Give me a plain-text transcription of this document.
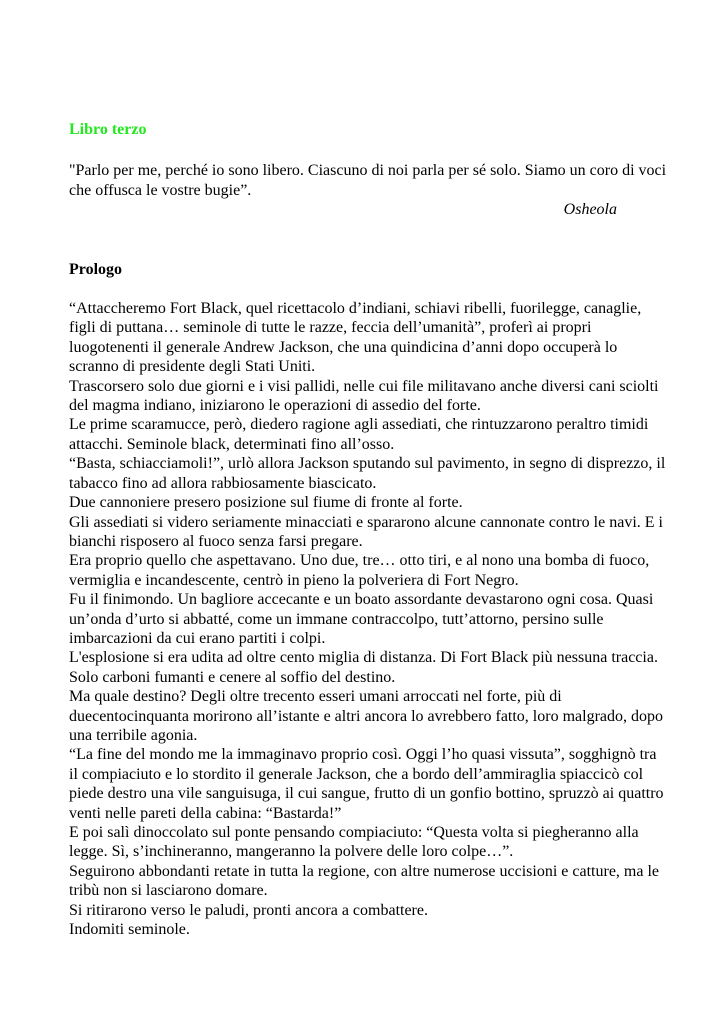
Libro terzo

"Parlo per me, perché io sono libero. Ciascuno di noi parla per sé solo. Siamo un coro di voci che offusca le vostre bugie”.

Osheola

Prologo

“Attaccheremo Fort Black, quel ricettacolo d’indiani, schiavi ribelli, fuorilegge, canaglie, figli di puttana… seminole di tutte le razze, feccia dell’umanità”, proferì ai propri luogotenenti il generale Andrew Jackson, che una quindicina d’anni dopo occuperà lo scranno di presidente degli Stati Uniti.

Trascorsero solo due giorni e i visi pallidi, nelle cui file militavano anche diversi cani sciolti del magma indiano, iniziarono le operazioni di assedio del forte.

Le prime scaramucce, però, diedero ragione agli assediati, che rintuzzarono peraltro timidi attacchi. Seminole black, determinati fino all’osso.

“Basta, schiacciamoli!”, urlò allora Jackson sputando sul pavimento, in segno di disprezzo, il tabacco fino ad allora rabbiosamente biascicato.

Due cannoniere presero posizione sul fiume di fronte al forte.

Gli assediati si videro seriamente minacciati e spararono alcune cannonate contro le navi. E i bianchi risposero al fuoco senza farsi pregare.

Era proprio quello che aspettavano. Uno due, tre… otto tiri, e al nono una bomba di fuoco, vermiglia e incandescente, centrò in pieno la polveriera di Fort Negro.

Fu il finimondo. Un bagliore accecante e un boato assordante devastarono ogni cosa. Quasi un’onda d’urto si abbatté, come un immane contraccolpo, tutt’attorno, persino sulle imbarcazioni da cui erano partiti i colpi.

L'esplosione si era udita ad oltre cento miglia di distanza. Di Fort Black più nessuna traccia. Solo carboni fumanti e cenere al soffio del destino.

Ma quale destino? Degli oltre trecento esseri umani arroccati nel forte, più di duecentocinquanta morirono all’istante e altri ancora lo avrebbero fatto, loro malgrado, dopo una terribile agonia.

“La fine del mondo me la immaginavo proprio così. Oggi l’ho quasi vissuta”, sogghignò tra il compiaciuto e lo stordito il generale Jackson, che a bordo dell’ammiraglia spiaccicò col piede destro una vile sanguisuga, il cui sangue, frutto di un gonfio bottino, spruzzò ai quattro venti nelle pareti della cabina: “Bastarda!”

E poi salì dinoccolato sul ponte pensando compiaciuto: “Questa volta si piegheranno alla legge. Sì, s’inchineranno, mangeranno la polvere delle loro colpe…”.

Seguirono abbondanti retate in tutta la regione, con altre numerose uccisioni e catture, ma le tribù non si lasciarono domare.

Si ritirarono verso le paludi, pronti ancora a combattere.

Indomiti seminole.
